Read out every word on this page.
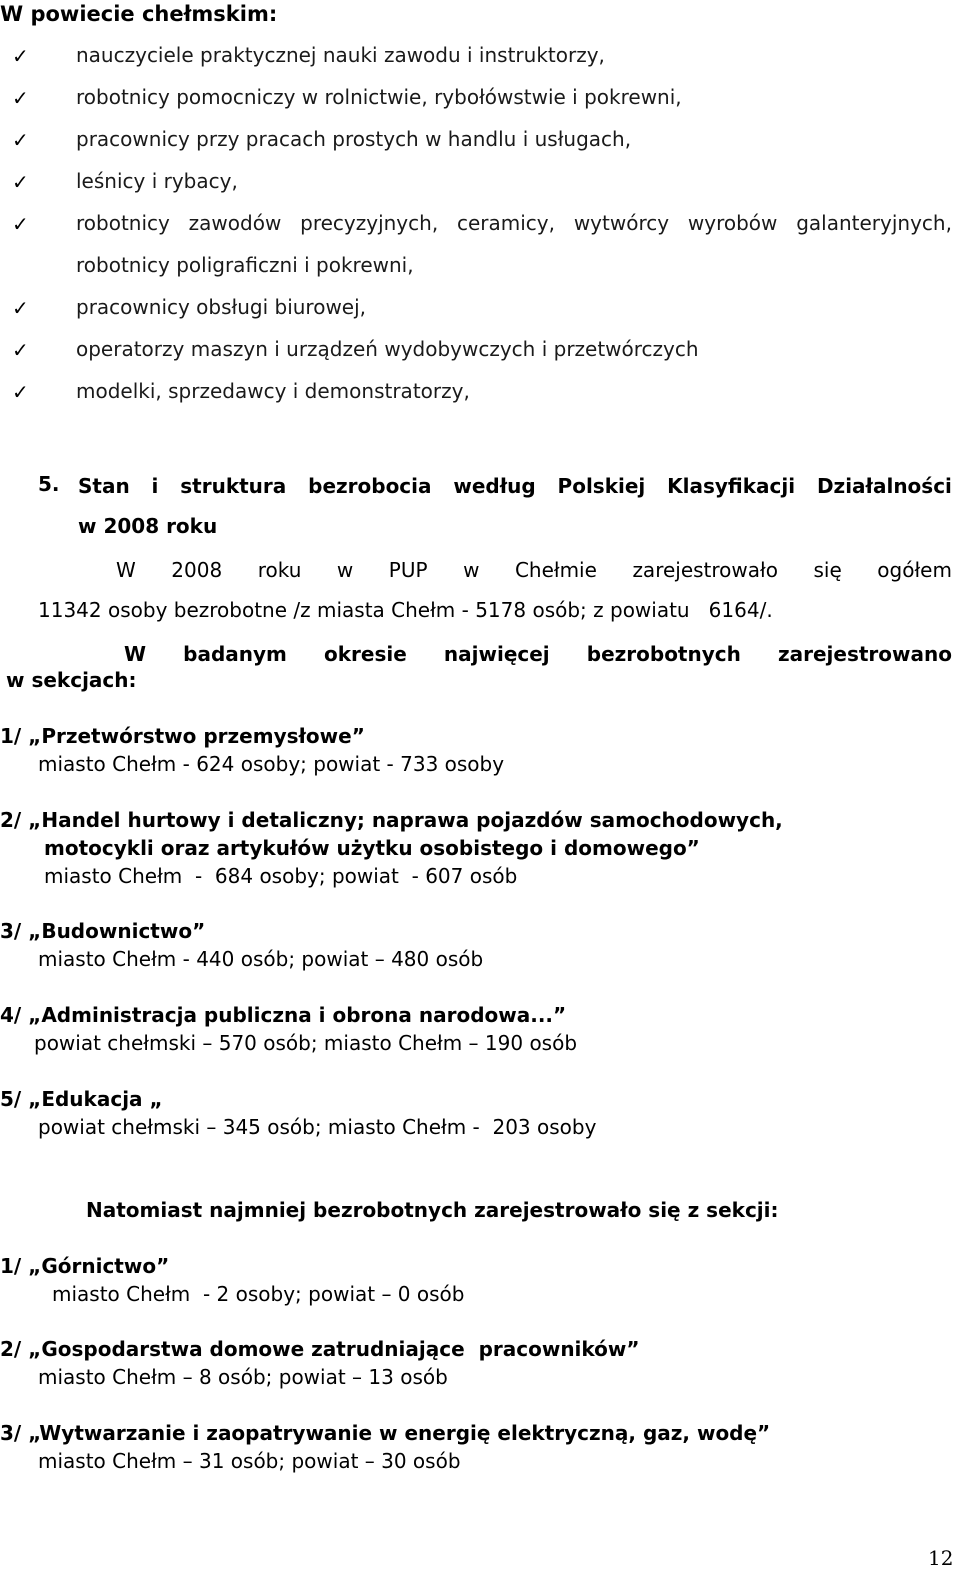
W powiecie chełmskim:
✓ nauczyciele praktycznej nauki zawodu i instruktorzy,
✓ robotnicy pomocniczy w rolnictwie, rybołówstwie i pokrewni,
✓ pracownicy przy pracach prostych w handlu i usługach,
✓ leśnicy i rybacy,
✓ robotnicy zawodów precyzyjnych, ceramicy, wytwórcy wyrobów galanteryjnych,
robotnicy poligraficzni i pokrewni,
✓ pracownicy obsługi biurowej,
✓ operatorzy maszyn i urządzeń wydobywczych i przetwórczych
✓ modelki, sprzedawcy i demonstratorzy,
5. Stan i struktura bezrobocia według Polskiej Klasyfikacji Działalności
w 2008 roku
W 2008 roku w PUP w Chełmie zarejestrowało się ogółem
11342 osoby bezrobotne /z miasta Chełm - 5178 osób; z powiatu   6164/.
W badanym okresie najwięcej bezrobotnych zarejestrowano
w sekcjach:
1/ „Przetwórstwo przemysłowe”
miasto Chełm - 624 osoby; powiat - 733 osoby
2/ „Handel hurtowy i detaliczny; naprawa pojazdów samochodowych,
motocykli oraz artykułów użytku osobistego i domowego”
miasto Chełm  -  684 osoby; powiat  - 607 osób
3/ „Budownictwo”
miasto Chełm - 440 osób; powiat – 480 osób
4/ „Administracja publiczna i obrona narodowa...”
powiat chełmski – 570 osób; miasto Chełm – 190 osób
5/ „Edukacja „
powiat chełmski – 345 osób; miasto Chełm -  203 osoby
Natomiast najmniej bezrobotnych zarejestrowało się z sekcji:
1/ „Górnictwo”
miasto Chełm  - 2 osoby; powiat – 0 osób
2/ „Gospodarstwa domowe zatrudniające  pracowników”
miasto Chełm – 8 osób; powiat – 13 osób
3/ „Wytwarzanie i zaopatrywanie w energię elektryczną, gaz, wodę”
miasto Chełm – 31 osób; powiat – 30 osób
12
